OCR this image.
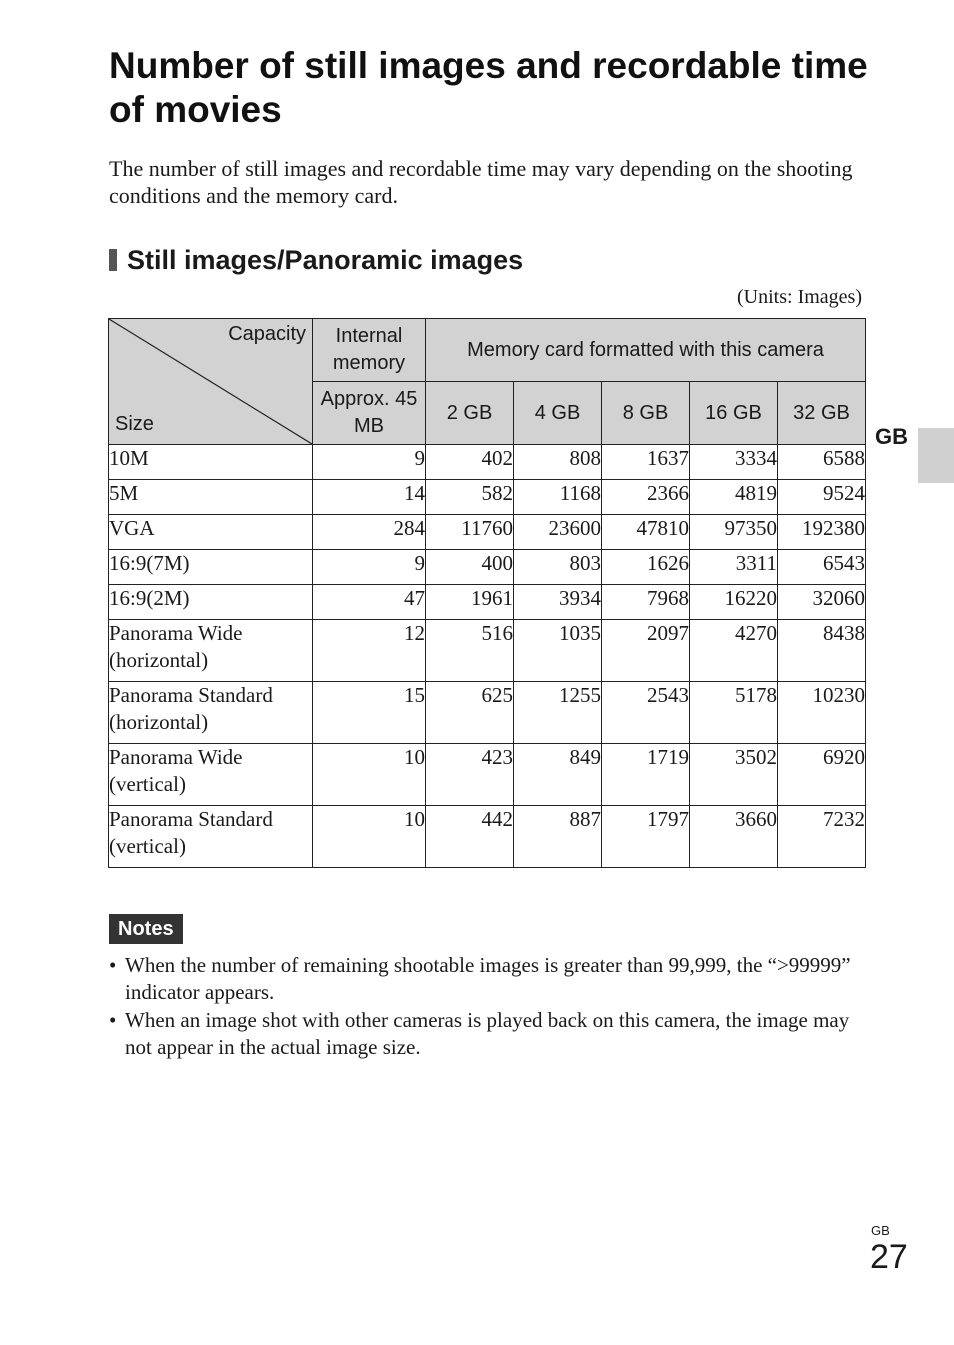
Number of still images and recordable time of movies

The number of still images and recordable time may vary depending on the shooting conditions and the memory card.

Still images/Panoramic images
(Units: Images)
Capacity
Size	Internal memory	Memory card formatted with this camera				
	Approx. 45 MB	2 GB	4 GB	8 GB	16 GB	32 GB
10M	9	402	808	1637	3334	6588
5M	14	582	1168	2366	4819	9524
VGA	284	11760	23600	47810	97350	192380
16:9(7M)	9	400	803	1626	3311	6543
16:9(2M)	47	1961	3934	7968	16220	32060
Panorama Wide (horizontal)	12	516	1035	2097	4270	8438
Panorama Standard (horizontal)	15	625	1255	2543	5178	10230
Panorama Wide (vertical)	10	423	849	1719	3502	6920
Panorama Standard (vertical)	10	442	887	1797	3660	7232
Notes
• When the number of remaining shootable images is greater than 99,999, the “>99999” indicator appears.
• When an image shot with other cameras is played back on this camera, the image may not appear in the actual image size.
GB
GB
27
